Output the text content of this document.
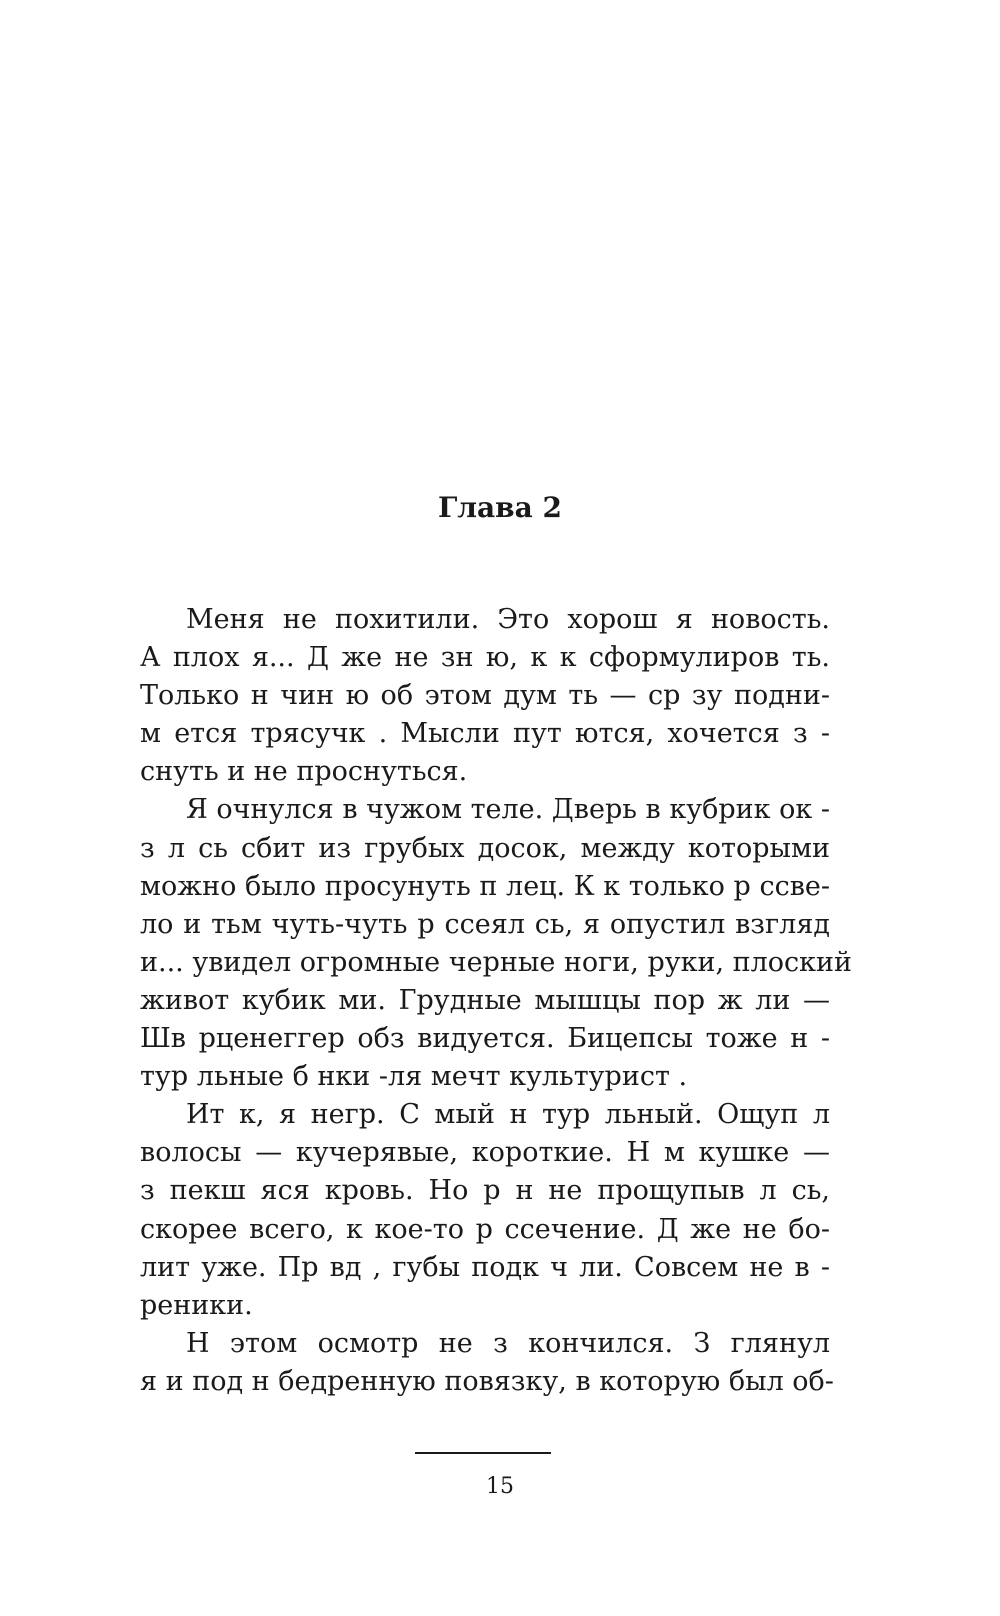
Глава 2
Меня не похитили. Это хорош я новость.
А плох я... Д же не зн ю, к к сформулиров ть.
Только н чин ю об этом дум ть — ср зу подни-
м ется трясучк . Мысли пут ются, хочется з -
снуть и не проснуться.
Я очнулся в чужом теле. Дверь в кубрик ок -
з л сь сбит из грубых досок, между которыми
можно было просунуть п лец. К к только р ссве-
ло и тьм чуть-чуть р ссеял сь, я опустил взгляд
и... увидел огромные черные ноги, руки, плоский
живот кубик ми. Грудные мышцы пор ж ли —
Шв рценеггер обз видуется. Бицепсы тоже н -
тур льные б нки -ля мечт культурист .
Ит к, я негр. С мый н тур льный. Ощуп л
волосы — кучерявые, короткие. Н м кушке —
з пекш яся кровь. Но р н не прощупыв л сь,
скорее всего, к кое-то р ссечение. Д же не бо-
лит уже. Пр вд , губы подк ч ли. Совсем не в -
реники.
Н этом осмотр не з кончился. З глянул
я и под н бедренную повязку, в которую был об-
15
